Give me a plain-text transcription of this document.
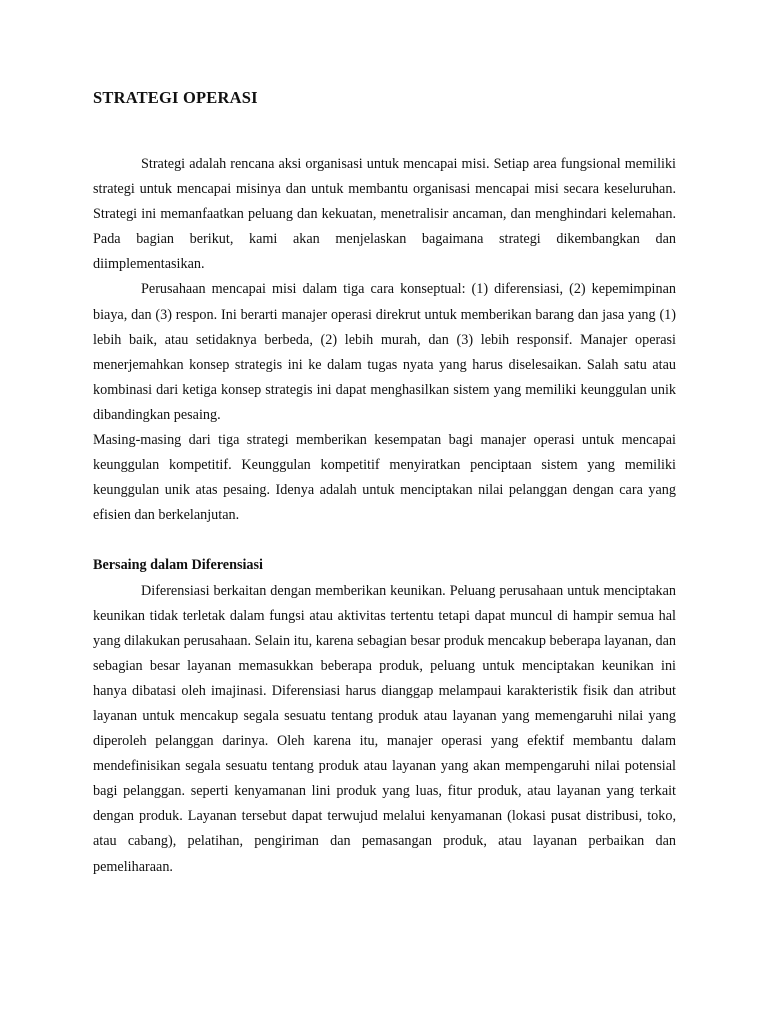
STRATEGI OPERASI

Strategi adalah rencana aksi organisasi untuk mencapai misi. Setiap area fungsional memiliki strategi untuk mencapai misinya dan untuk membantu organisasi mencapai misi secara keseluruhan. Strategi ini memanfaatkan peluang dan kekuatan, menetralisir ancaman, dan menghindari kelemahan. Pada bagian berikut, kami akan menjelaskan bagaimana strategi dikembangkan dan diimplementasikan.

Perusahaan mencapai misi dalam tiga cara konseptual: (1) diferensiasi, (2) kepemimpinan biaya, dan (3) respon. Ini berarti manajer operasi direkrut untuk memberikan barang dan jasa yang (1) lebih baik, atau setidaknya berbeda, (2) lebih murah, dan (3) lebih responsif. Manajer operasi menerjemahkan konsep strategis ini ke dalam tugas nyata yang harus diselesaikan. Salah satu atau kombinasi dari ketiga konsep strategis ini dapat menghasilkan sistem yang memiliki keunggulan unik dibandingkan pesaing.

Masing-masing dari tiga strategi memberikan kesempatan bagi manajer operasi untuk mencapai keunggulan kompetitif. Keunggulan kompetitif menyiratkan penciptaan sistem yang memiliki keunggulan unik atas pesaing. Idenya adalah untuk menciptakan nilai pelanggan dengan cara yang efisien dan berkelanjutan.

Bersaing dalam Diferensiasi

Diferensiasi berkaitan dengan memberikan keunikan. Peluang perusahaan untuk menciptakan keunikan tidak terletak dalam fungsi atau aktivitas tertentu tetapi dapat muncul di hampir semua hal yang dilakukan perusahaan. Selain itu, karena sebagian besar produk mencakup beberapa layanan, dan sebagian besar layanan memasukkan beberapa produk, peluang untuk menciptakan keunikan ini hanya dibatasi oleh imajinasi. Diferensiasi harus dianggap melampaui karakteristik fisik dan atribut layanan untuk mencakup segala sesuatu tentang produk atau layanan yang memengaruhi nilai yang diperoleh pelanggan darinya. Oleh karena itu, manajer operasi yang efektif membantu dalam mendefinisikan segala sesuatu tentang produk atau layanan yang akan mempengaruhi nilai potensial bagi pelanggan. seperti kenyamanan lini produk yang luas, fitur produk, atau layanan yang terkait dengan produk. Layanan tersebut dapat terwujud melalui kenyamanan (lokasi pusat distribusi, toko, atau cabang), pelatihan, pengiriman dan pemasangan produk, atau layanan perbaikan dan pemeliharaan.
